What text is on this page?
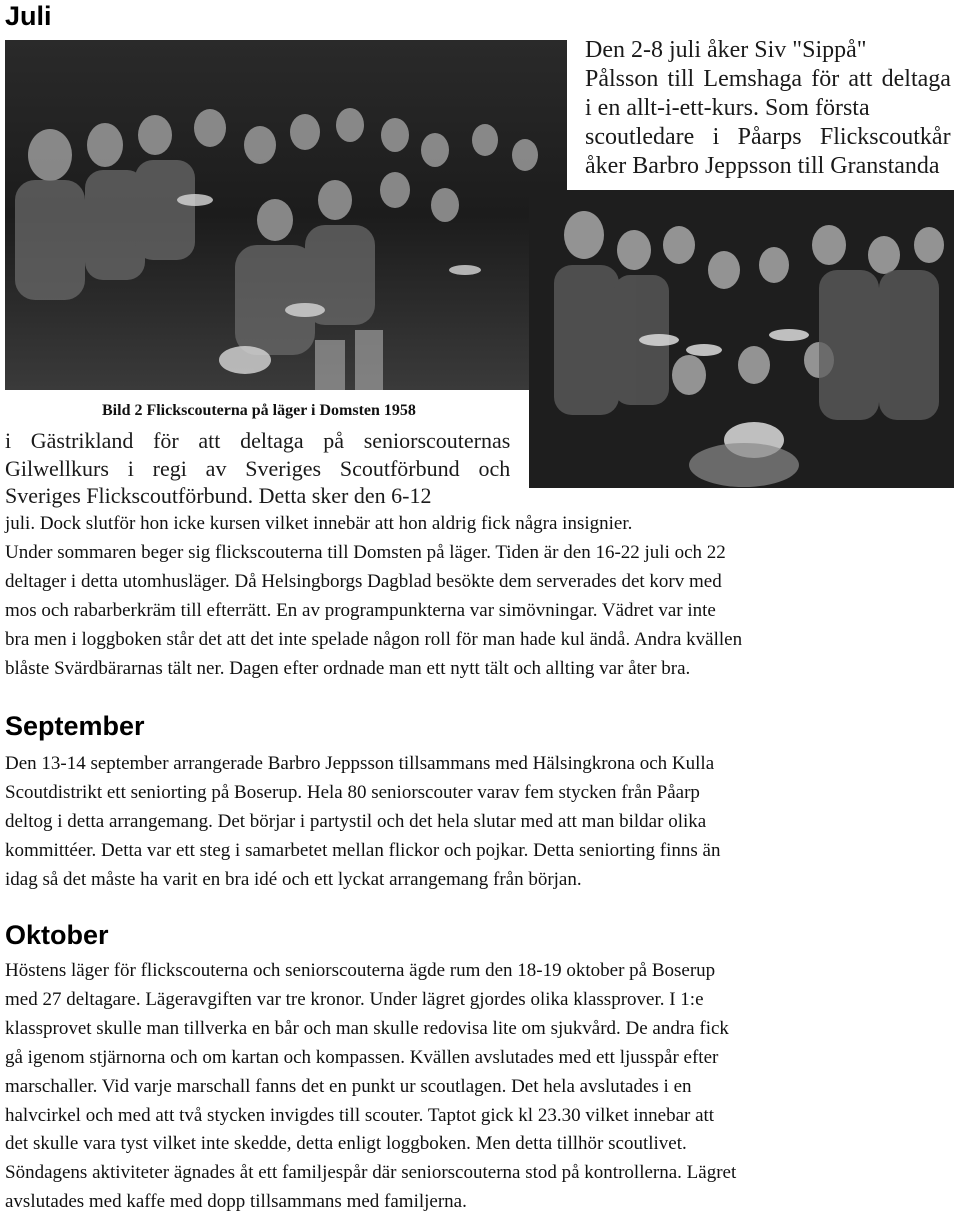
Juli
Den 2-8 juli åker Siv "Sippå"
Pålsson till Lemshaga för att deltaga
i en allt-i-ett-kurs. Som första
scoutledare i Påarps Flickscoutkår
åker Barbro Jeppsson till Granstanda

Bild 2 Flickscouterna på läger i Domsten 1958

i Gästrikland för att deltaga på seniorscouternas
Gilwellkurs i regi av Sveriges Scoutförbund och
Sveriges Flickscoutförbund. Detta sker den 6-12
juli. Dock slutför hon icke kursen vilket innebär att hon aldrig fick några insignier.
Under sommaren beger sig flickscouterna till Domsten på läger. Tiden är den 16-22 juli och 22
deltager i detta utomhusläger. Då Helsingborgs Dagblad besökte dem serverades det korv med
mos och rabarberkräm till efterrätt. En av programpunkterna var simövningar. Vädret var inte
bra men i loggboken står det att det inte spelade någon roll för man hade kul ändå. Andra kvällen
blåste Svärdbärarnas tält ner. Dagen efter ordnade man ett nytt tält och allting var åter bra.
September
Den 13-14 september arrangerade Barbro Jeppsson tillsammans med Hälsingkrona och Kulla
Scoutdistrikt ett seniorting på Boserup. Hela 80 seniorscouter varav fem stycken från Påarp
deltog i detta arrangemang. Det börjar i partystil och det hela slutar med att man bildar olika
kommittéer. Detta var ett steg i samarbetet mellan flickor och pojkar. Detta seniorting finns än
idag så det måste ha varit en bra idé och ett lyckat arrangemang från början.
Oktober
Höstens läger för flickscouterna och seniorscouterna ägde rum den 18-19 oktober på Boserup
med 27 deltagare. Lägeravgiften var tre kronor. Under lägret gjordes olika klassprover. I 1:e
klassprovet skulle man tillverka en bår och man skulle redovisa lite om sjukvård. De andra fick
gå igenom stjärnorna och om kartan och kompassen. Kvällen avslutades med ett ljusspår efter
marschaller. Vid varje marschall fanns det en punkt ur scoutlagen. Det hela avslutades i en
halvcirkel och med att två stycken invigdes till scouter. Taptot gick kl 23.30 vilket innebar att
det skulle vara tyst vilket inte skedde, detta enligt loggboken. Men detta tillhör scoutlivet.
Söndagens aktiviteter ägnades åt ett familjespår där seniorscouterna stod på kontrollerna. Lägret
avslutades med kaffe med dopp tillsammans med familjerna.
